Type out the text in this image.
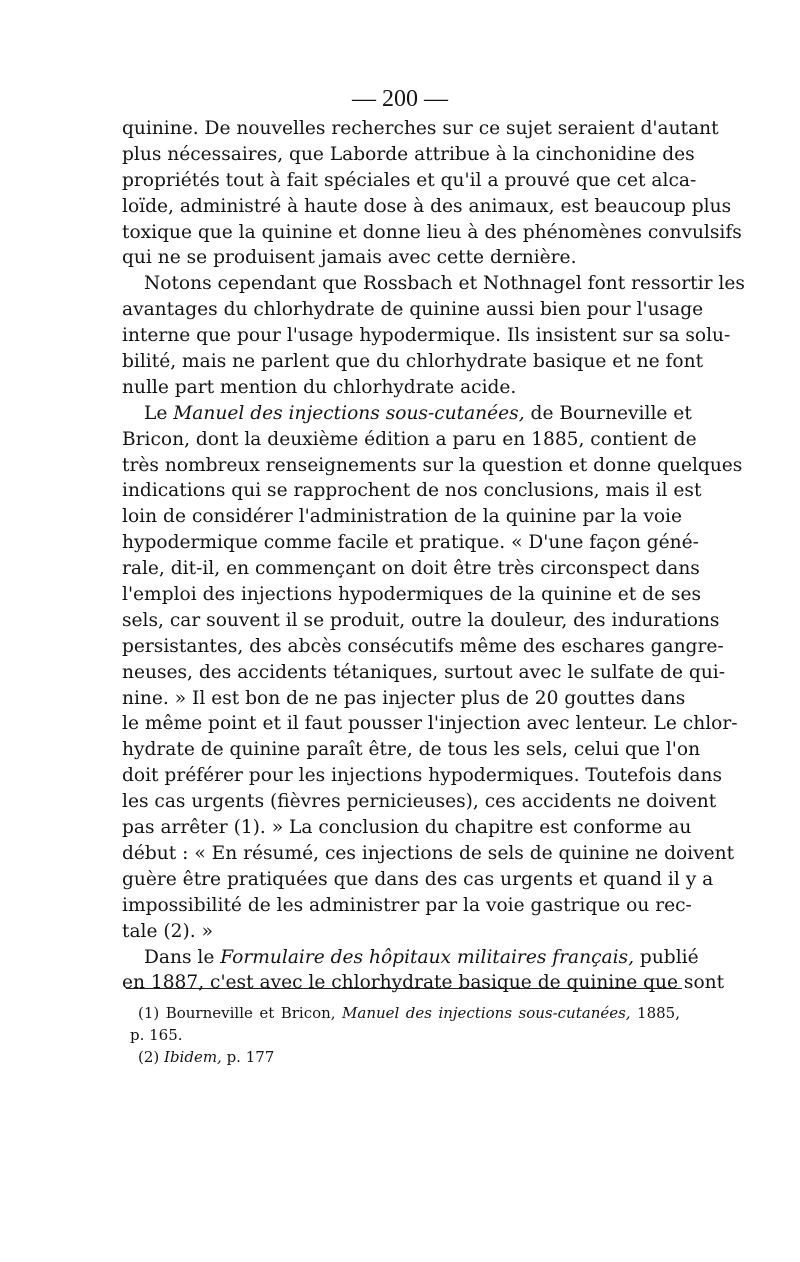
— 200 —

quinine. De nouvelles recherches sur ce sujet seraient d'autant
plus nécessaires, que Laborde attribue à la cinchonidine des
propriétés tout à fait spéciales et qu'il a prouvé que cet alca-
loïde, administré à haute dose à des animaux, est beaucoup plus
toxique que la quinine et donne lieu à des phénomènes convulsifs
qui ne se produisent jamais avec cette dernière.

Notons cependant que Rossbach et Nothnagel font ressortir les
avantages du chlorhydrate de quinine aussi bien pour l'usage
interne que pour l'usage hypodermique. Ils insistent sur sa solu-
bilité, mais ne parlent que du chlorhydrate basique et ne font
nulle part mention du chlorhydrate acide.

Le Manuel des injections sous-cutanées, de Bourneville et
Bricon, dont la deuxième édition a paru en 1885, contient de
très nombreux renseignements sur la question et donne quelques
indications qui se rapprochent de nos conclusions, mais il est
loin de considérer l'administration de la quinine par la voie
hypodermique comme facile et pratique. « D'une façon géné-
rale, dit-il, en commençant on doit être très circonspect dans
l'emploi des injections hypodermiques de la quinine et de ses
sels, car souvent il se produit, outre la douleur, des indurations
persistantes, des abcès consécutifs même des eschares gangre-
neuses, des accidents tétaniques, surtout avec le sulfate de qui-
nine. » Il est bon de ne pas injecter plus de 20 gouttes dans
le même point et il faut pousser l'injection avec lenteur. Le chlor-
hydrate de quinine paraît être, de tous les sels, celui que l'on
doit préférer pour les injections hypodermiques. Toutefois dans
les cas urgents (fièvres pernicieuses), ces accidents ne doivent
pas arrêter (1). » La conclusion du chapitre est conforme au
début : « En résumé, ces injections de sels de quinine ne doivent
guère être pratiquées que dans des cas urgents et quand il y a
impossibilité de les administrer par la voie gastrique ou rec-
tale (2). »

Dans le Formulaire des hôpitaux militaires français, publié
en 1887, c'est avec le chlorhydrate basique de quinine que sont

(1) Bourneville et Bricon, Manuel des injections sous-cutanées, 1885,
p. 165.
(2) Ibidem, p. 177
